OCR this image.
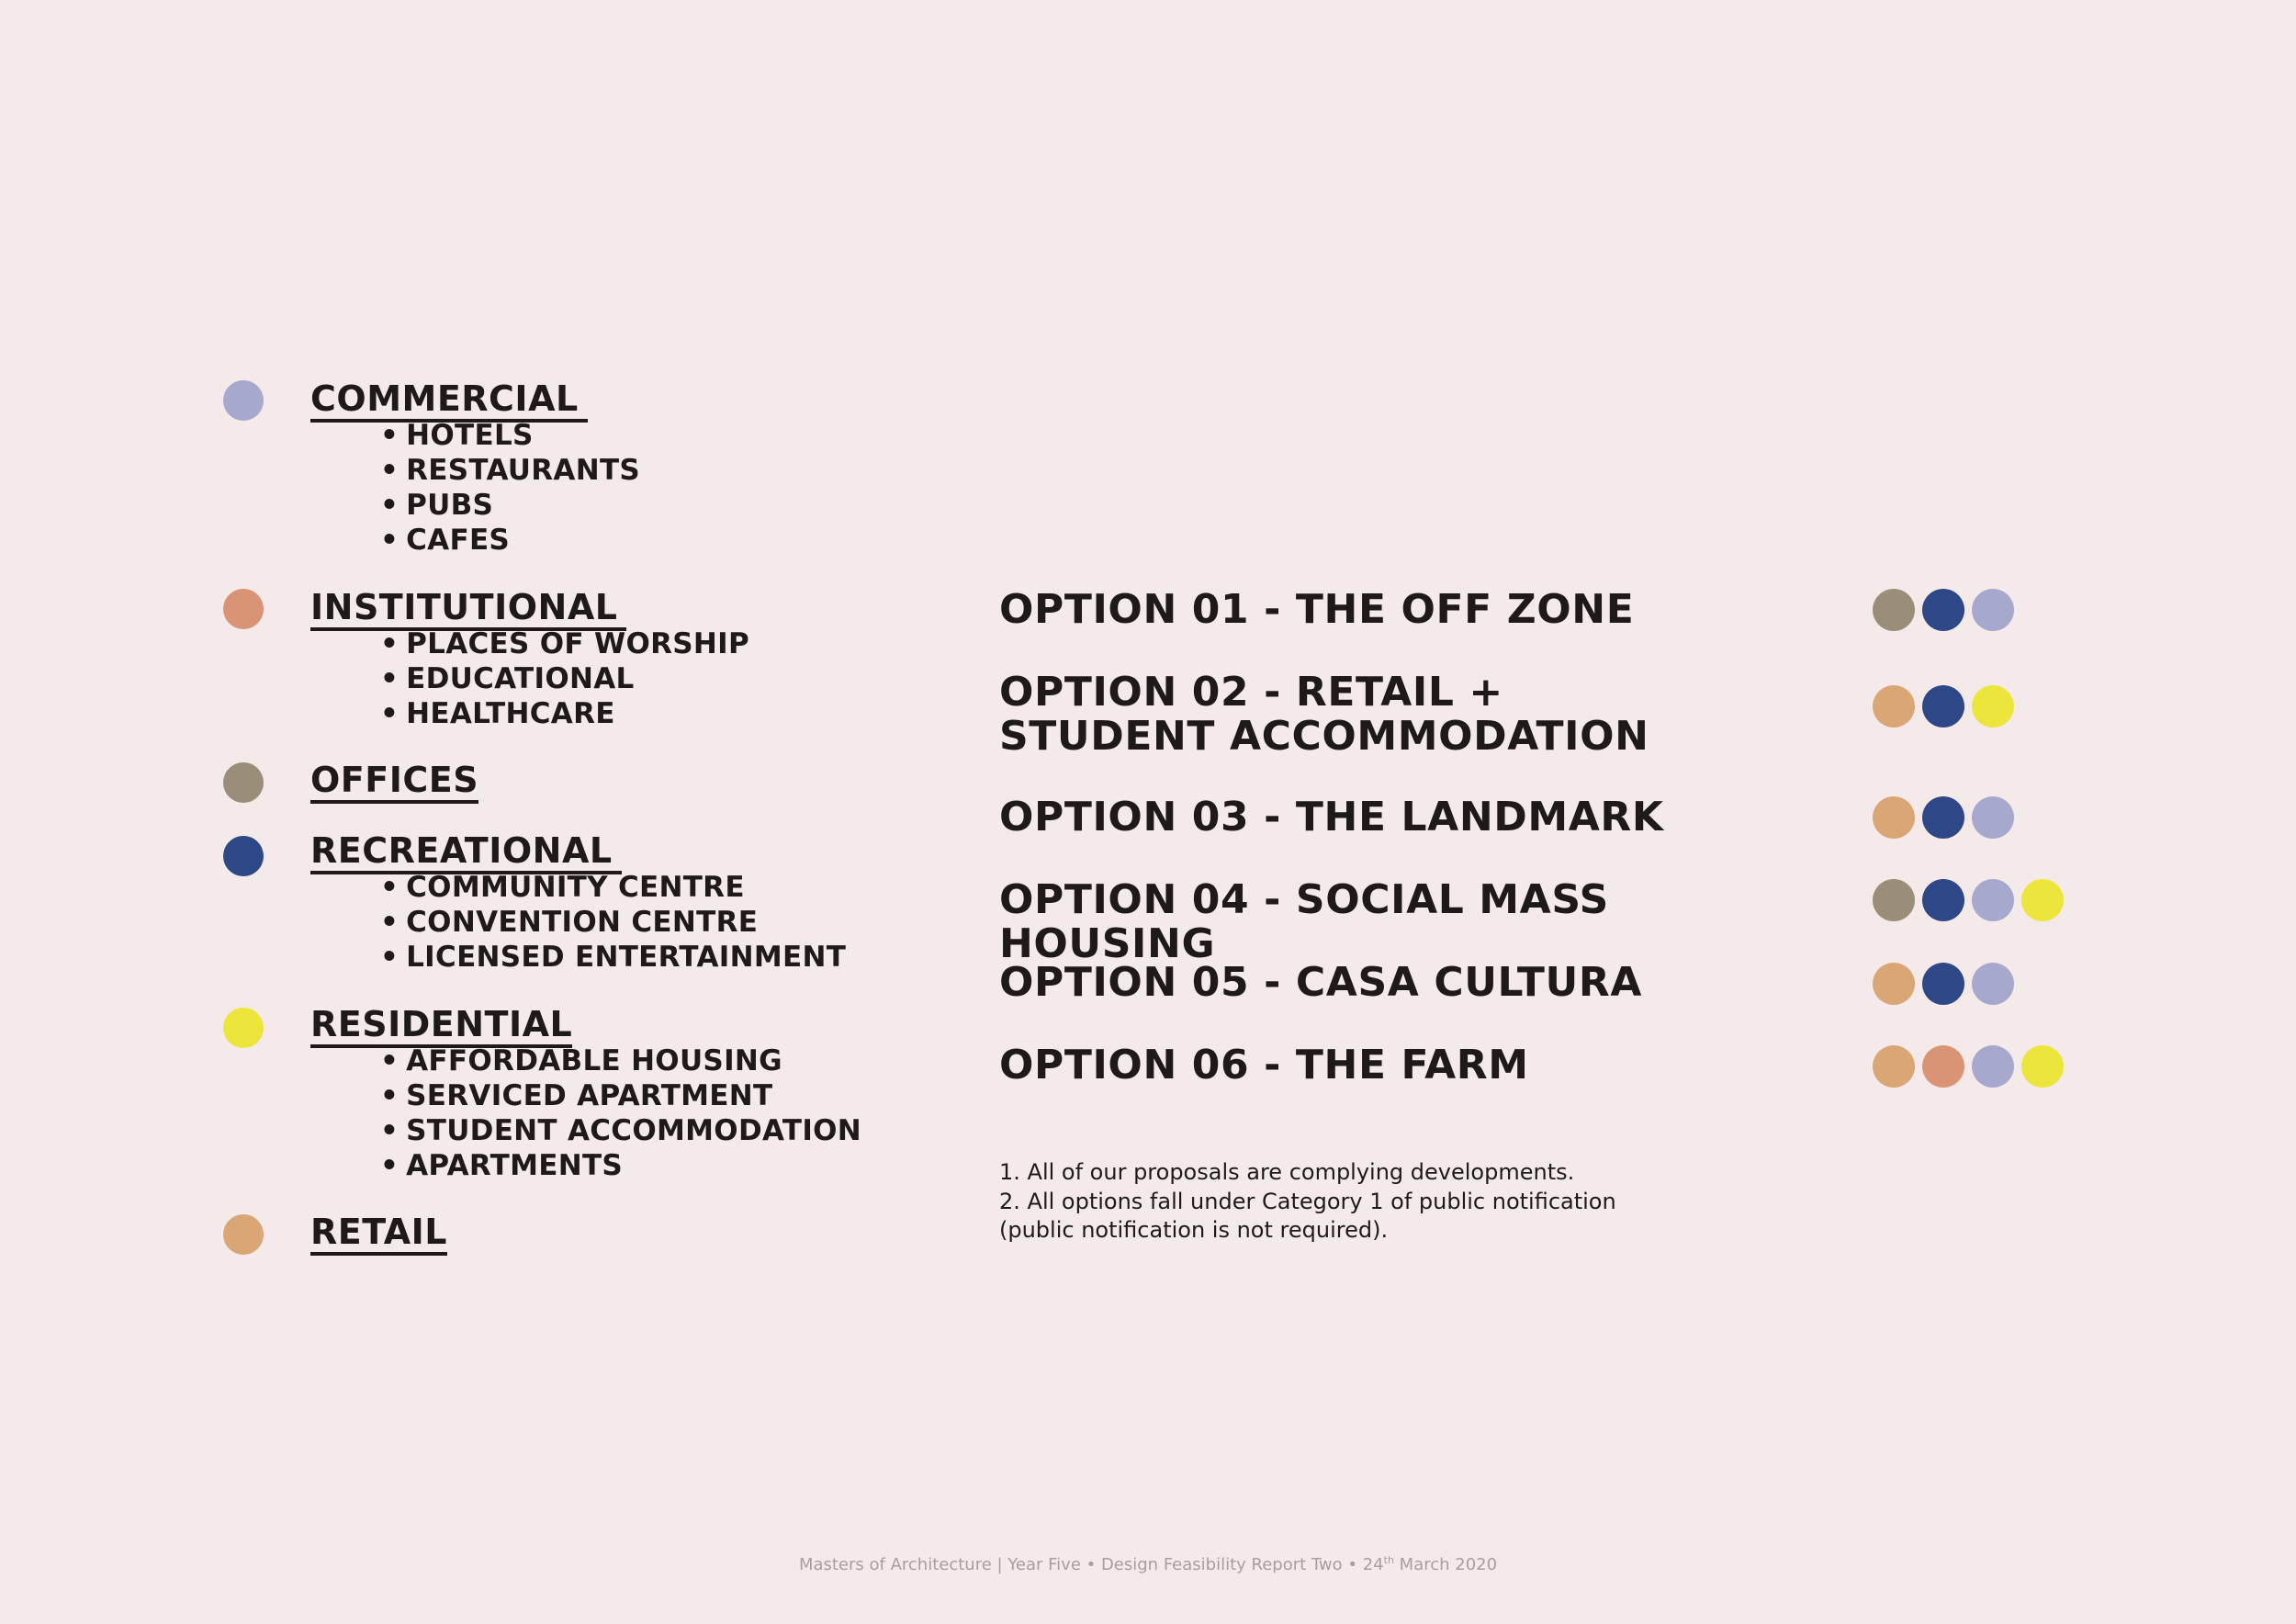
COMMERCIAL
• HOTELS
• RESTAURANTS
• PUBS
• CAFES
INSTITUTIONAL
• PLACES OF WORSHIP
• EDUCATIONAL
• HEALTHCARE
OFFICES
RECREATIONAL
• COMMUNITY CENTRE
• CONVENTION CENTRE
• LICENSED ENTERTAINMENT
RESIDENTIAL
• AFFORDABLE HOUSING
• SERVICED APARTMENT
• STUDENT ACCOMMODATION
• APARTMENTS
RETAIL
OPTION 01 - THE OFF ZONE
OPTION 02 - RETAIL + STUDENT ACCOMMODATION
OPTION 03 - THE LANDMARK
OPTION 04 - SOCIAL MASS HOUSING
OPTION 05 - CASA CULTURA
OPTION 06 - THE FARM
1. All of our proposals are complying developments.
2. All options fall under Category 1 of public notification
(public notification is not required).
Masters of Architecture | Year Five • Design Feasibility Report Two • 24th March 2020
